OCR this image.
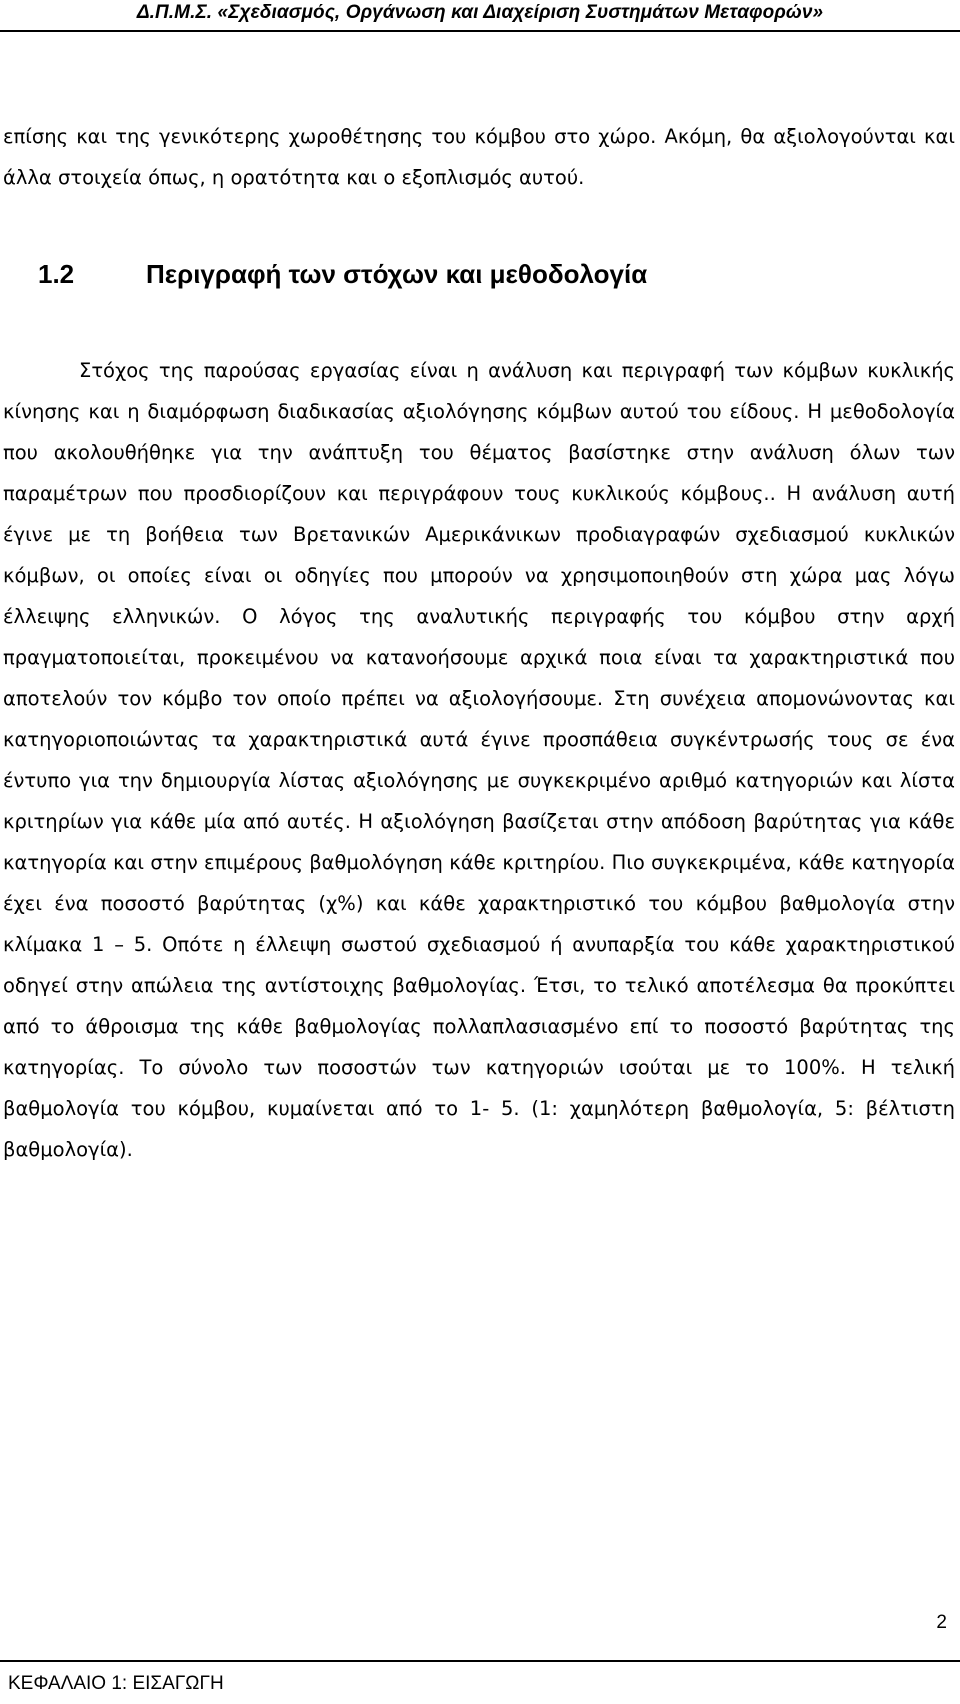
Δ.Π.Μ.Σ. «Σχεδιασμός, Οργάνωση και Διαχείριση Συστημάτων Μεταφορών»

επίσης και της γενικότερης χωροθέτησης του κόμβου στο χώρο. Ακόμη, θα αξιολογούνται και άλλα στοιχεία όπως, η ορατότητα και ο εξοπλισμός αυτού.

1.2	Περιγραφή των στόχων και μεθοδολογία

Στόχος της παρούσας εργασίας είναι η ανάλυση και περιγραφή των κόμβων κυκλικής κίνησης και η διαμόρφωση διαδικασίας αξιολόγησης κόμβων αυτού του είδους. Η μεθοδολογία που ακολουθήθηκε για την ανάπτυξη του θέματος βασίστηκε στην ανάλυση όλων των παραμέτρων που προσδιορίζουν και περιγράφουν τους κυκλικούς κόμβους.. Η ανάλυση αυτή έγινε με τη βοήθεια των Βρετανικών Αμερικάνικων προδιαγραφών σχεδιασμού κυκλικών κόμβων, οι οποίες είναι οι οδηγίες που μπορούν να χρησιμοποιηθούν στη χώρα μας λόγω έλλειψης ελληνικών. Ο λόγος της αναλυτικής περιγραφής του κόμβου στην αρχή πραγματοποιείται, προκειμένου να κατανοήσουμε αρχικά ποια είναι τα χαρακτηριστικά που αποτελούν τον κόμβο τον οποίο πρέπει να αξιολογήσουμε. Στη συνέχεια απομονώνοντας και κατηγοριοποιώντας τα χαρακτηριστικά αυτά έγινε προσπάθεια συγκέντρωσής τους σε ένα έντυπο για την δημιουργία λίστας αξιολόγησης με συγκεκριμένο αριθμό κατηγοριών και λίστα κριτηρίων για κάθε μία από αυτές. Η αξιολόγηση βασίζεται στην απόδοση βαρύτητας για κάθε κατηγορία και στην επιμέρους βαθμολόγηση κάθε κριτηρίου. Πιο συγκεκριμένα, κάθε κατηγορία έχει ένα ποσοστό βαρύτητας (χ%) και κάθε χαρακτηριστικό του κόμβου βαθμολογία στην κλίμακα 1 – 5. Οπότε η έλλειψη σωστού σχεδιασμού ή ανυπαρξία του κάθε χαρακτηριστικού οδηγεί στην απώλεια της αντίστοιχης βαθμολογίας. Έτσι, το τελικό αποτέλεσμα θα προκύπτει από το άθροισμα της κάθε βαθμολογίας πολλαπλασιασμένο επί το ποσοστό βαρύτητας της κατηγορίας. Το σύνολο των ποσοστών των κατηγοριών ισούται με το 100%. Η τελική βαθμολογία του κόμβου, κυμαίνεται από το 1- 5. (1: χαμηλότερη βαθμολογία, 5: βέλτιστη βαθμολογία).

2
ΚΕΦΑΛΑΙΟ 1: ΕΙΣΑΓΩΓΗ
